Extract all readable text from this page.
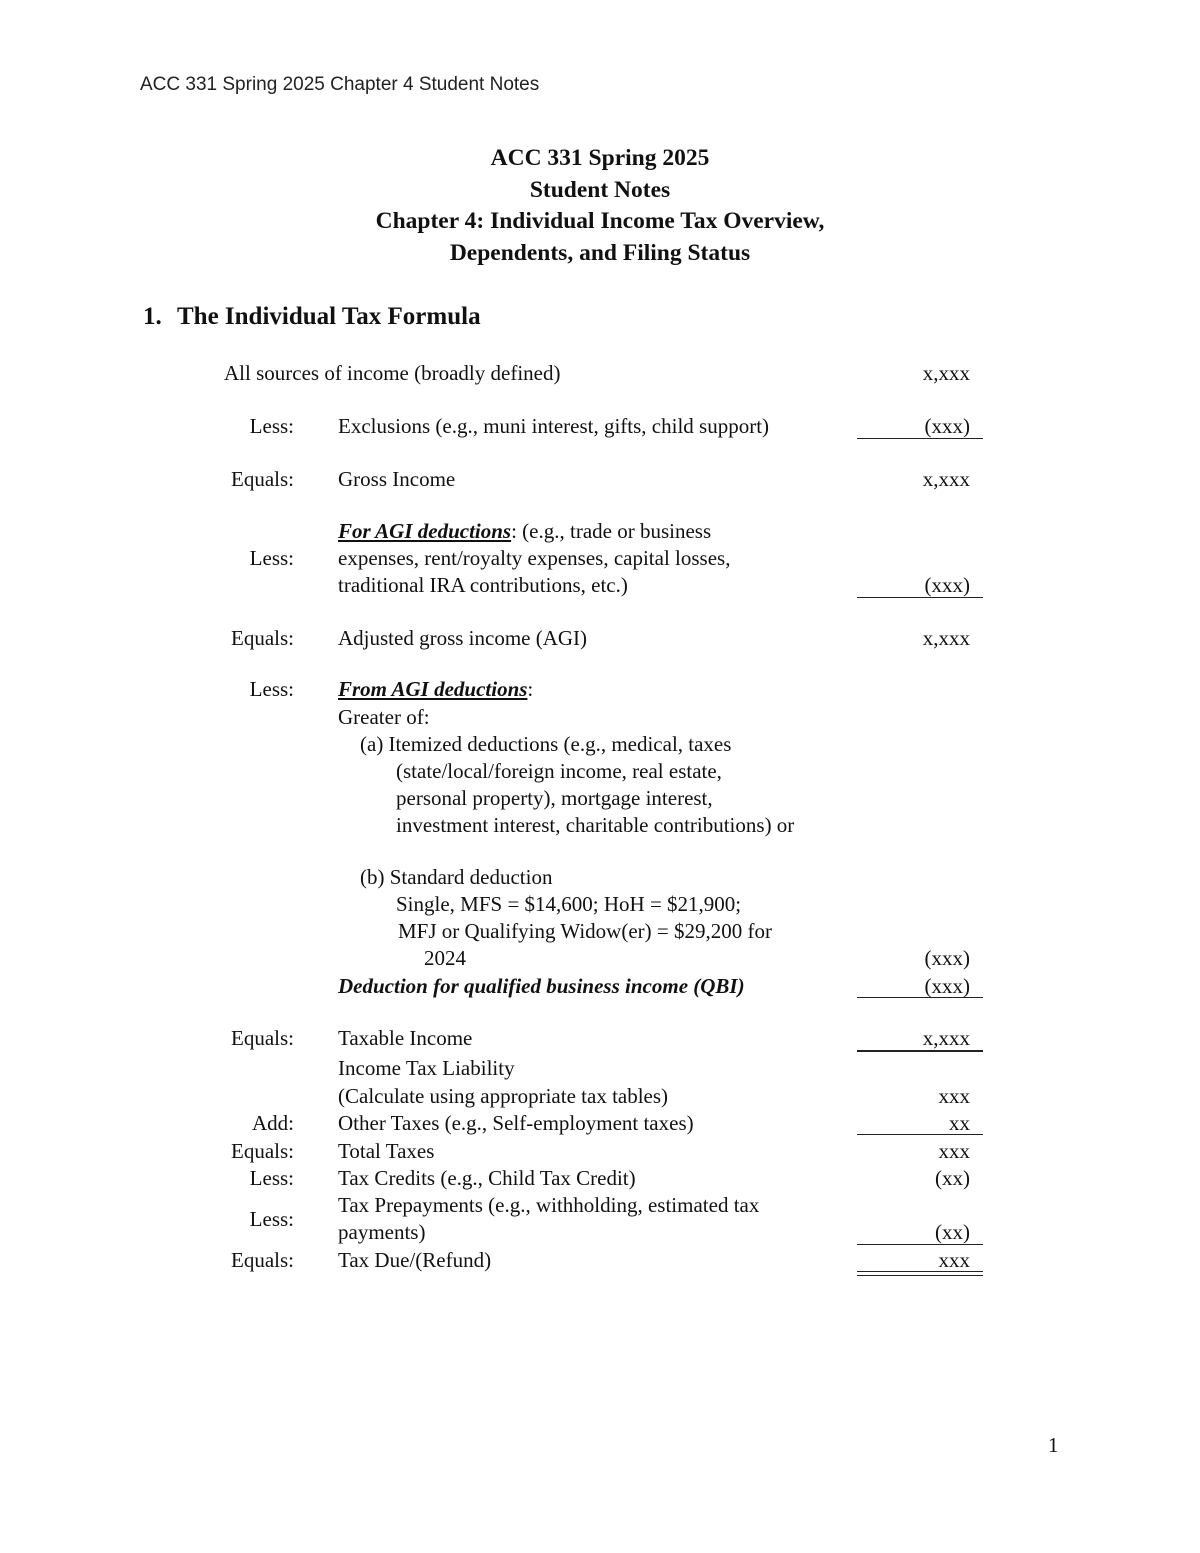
ACC 331 Spring 2025 Chapter 4 Student Notes
ACC 331 Spring 2025
Student Notes
Chapter 4: Individual Income Tax Overview,
Dependents, and Filing Status
1. The Individual Tax Formula
All sources of income (broadly defined)	x,xxx
Less: Exclusions (e.g., muni interest, gifts, child support)	(xxx)
Equals: Gross Income	x,xxx
For AGI deductions: (e.g., trade or business
Less: expenses, rent/royalty expenses, capital losses,
traditional IRA contributions, etc.)	(xxx)
Equals: Adjusted gross income (AGI)	x,xxx
Less: From AGI deductions:
Greater of:
(a) Itemized deductions (e.g., medical, taxes
(state/local/foreign income, real estate,
personal property), mortgage interest,
investment interest, charitable contributions) or
(b) Standard deduction
Single, MFS = $14,600; HoH = $21,900;
MFJ or Qualifying Widow(er) = $29,200 for
2024	(xxx)
Deduction for qualified business income (QBI)	(xxx)
Equals: Taxable Income	x,xxx
Income Tax Liability
(Calculate using appropriate tax tables)	xxx
Add: Other Taxes (e.g., Self-employment taxes)	xx
Equals: Total Taxes	xxx
Less: Tax Credits (e.g., Child Tax Credit)	(xx)
Tax Prepayments (e.g., withholding, estimated tax
Less:
payments)	(xx)
Equals: Tax Due/(Refund)	xxx
1
